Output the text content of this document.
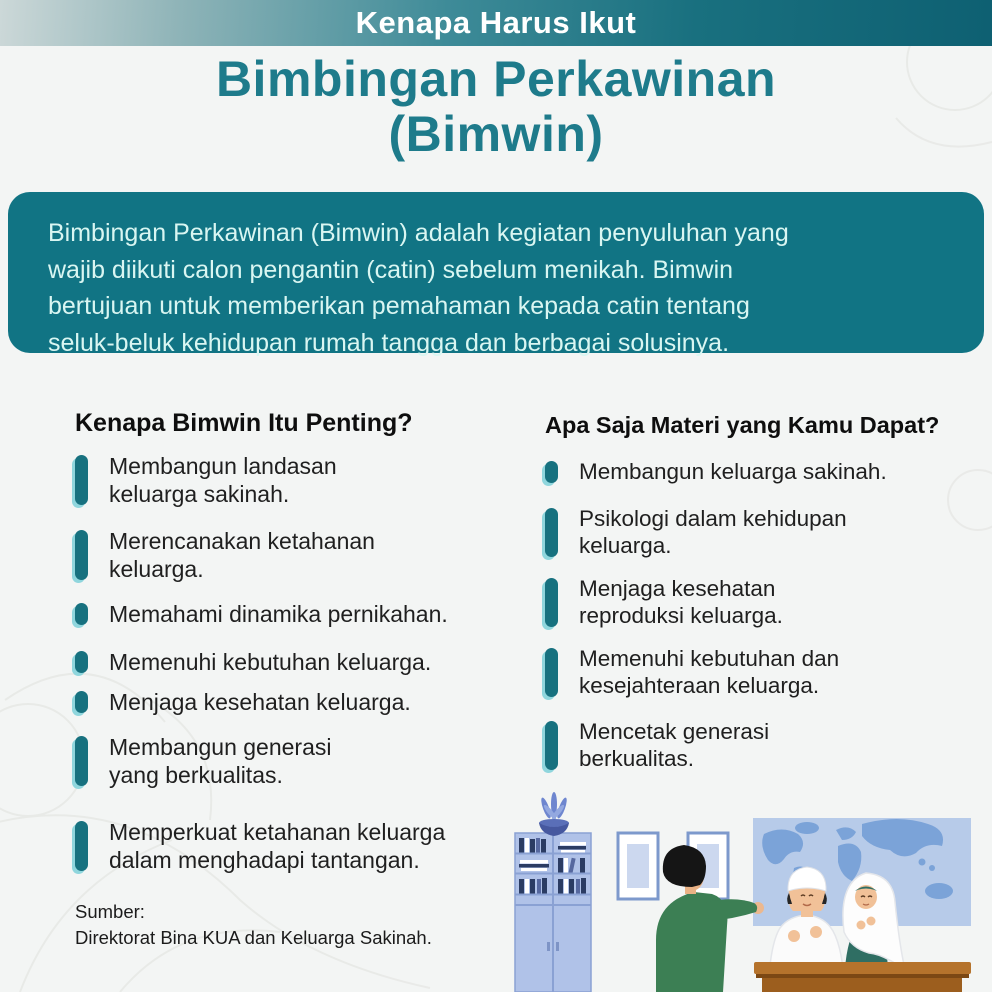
Kenapa Harus Ikut
Bimbingan Perkawinan
(Bimwin)
Bimbingan Perkawinan (Bimwin) adalah kegiatan penyuluhan yang
wajib diikuti calon pengantin (catin) sebelum menikah. Bimwin
bertujuan untuk memberikan pemahaman kepada catin tentang
seluk-beluk kehidupan rumah tangga dan berbagai solusinya.
Kenapa Bimwin Itu Penting?
Membangun landasan
keluarga sakinah.
Merencanakan ketahanan
keluarga.
Memahami dinamika pernikahan.
Memenuhi kebutuhan keluarga.
Menjaga kesehatan keluarga.
Membangun generasi
yang berkualitas.
Memperkuat ketahanan keluarga
dalam menghadapi tantangan.
Apa Saja Materi yang Kamu Dapat?
Membangun keluarga sakinah.
Psikologi dalam kehidupan
keluarga.
Menjaga kesehatan
reproduksi keluarga.
Memenuhi kebutuhan dan
kesejahteraan keluarga.
Mencetak generasi
berkualitas.
Sumber:
Direktorat Bina KUA dan Keluarga Sakinah.
